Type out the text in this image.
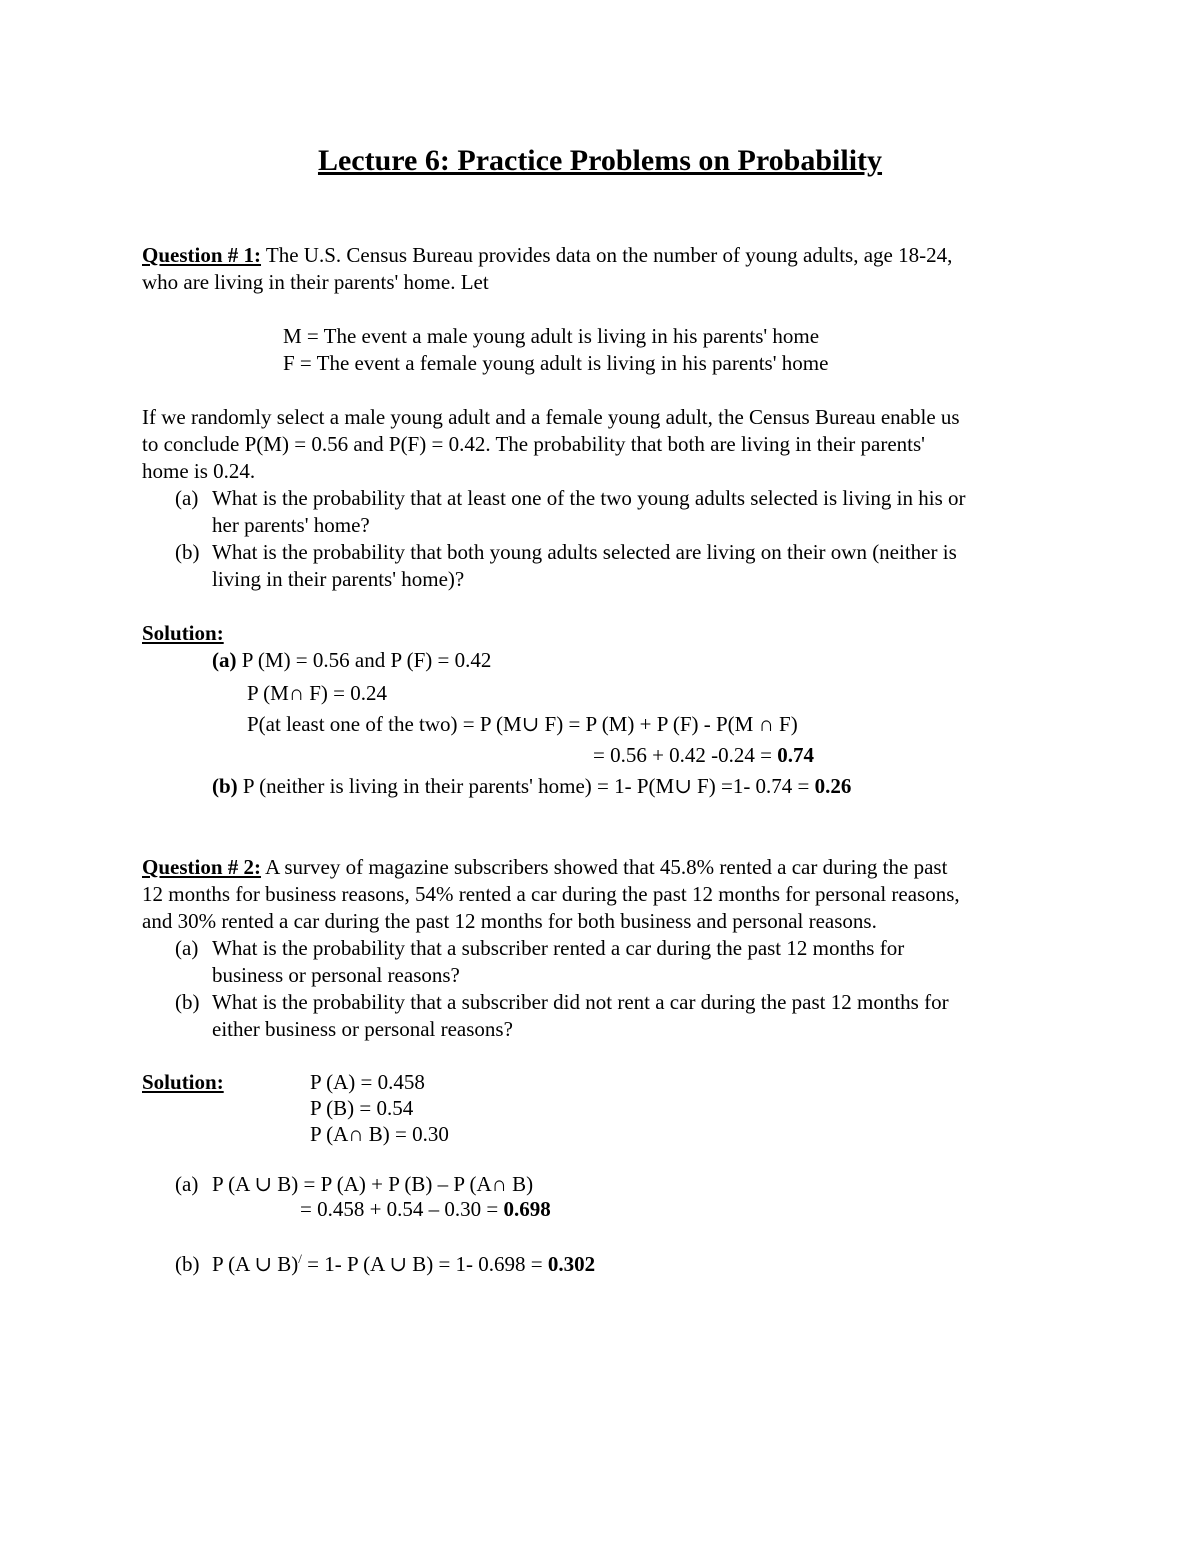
Lecture 6: Practice Problems on Probability
Question # 1: The U.S. Census Bureau provides data on the number of young adults, age 18-24,
who are living in their parents' home. Let
M = The event a male young adult is living in his parents' home
F = The event a female young adult is living in his parents' home
If we randomly select a male young adult and a female young adult, the Census Bureau enable us
to conclude P(M) = 0.56 and P(F) = 0.42. The probability that both are living in their parents'
home is 0.24.
(a) What is the probability that at least one of the two young adults selected is living in his or
her parents' home?
(b) What is the probability that both young adults selected are living on their own (neither is
living in their parents' home)?
Solution:
(a) P (M) = 0.56 and P (F) = 0.42
P (M∩ F) = 0.24
P(at least one of the two) = P (M∪ F) = P (M) + P (F) - P(M ∩ F)
= 0.56 + 0.42 -0.24 = 0.74
(b) P (neither is living in their parents' home) = 1- P(M∪ F) =1- 0.74 = 0.26
Question # 2: A survey of magazine subscribers showed that 45.8% rented a car during the past
12 months for business reasons, 54% rented a car during the past 12 months for personal reasons,
and 30% rented a car during the past 12 months for both business and personal reasons.
(a) What is the probability that a subscriber rented a car during the past 12 months for
business or personal reasons?
(b) What is the probability that a subscriber did not rent a car during the past 12 months for
either business or personal reasons?
Solution:	P (A) = 0.458
P (B) = 0.54
P (A∩ B) = 0.30
(a) P (A ∪ B) = P (A) + P (B) – P (A∩ B)
= 0.458 + 0.54 – 0.30 = 0.698
(b) P (A ∪ B)/ = 1- P (A ∪ B) = 1- 0.698 = 0.302
